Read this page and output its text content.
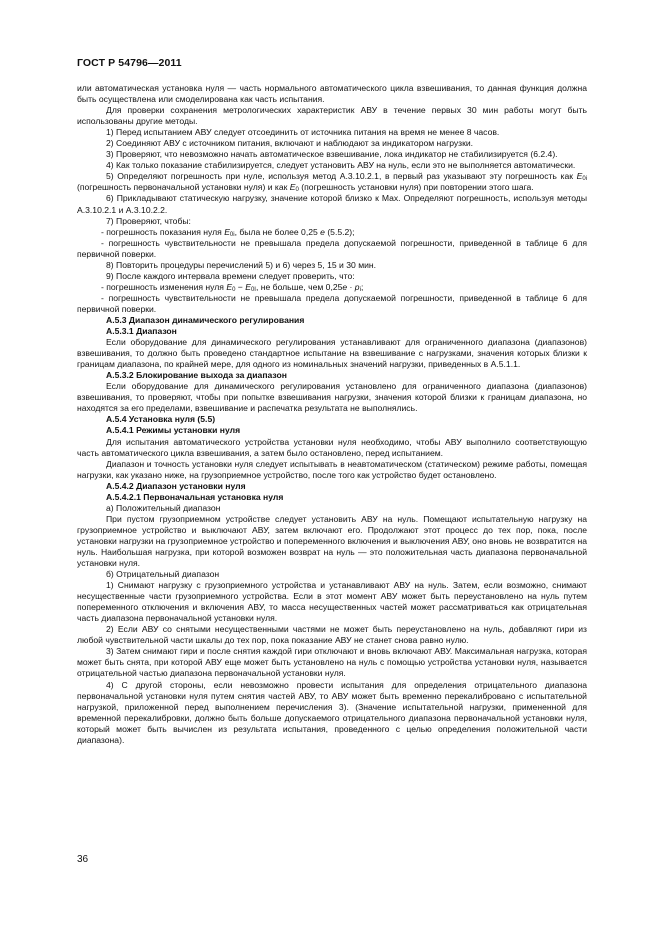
ГОСТ Р 54796—2011

или автоматическая установка нуля — часть нормального автоматического цикла взвешивания, то данная функция должна быть осуществлена или смоделирована как часть испытания.

Для проверки сохранения метрологических характеристик АВУ в течение первых 30 мин работы могут быть использованы другие методы.

1) Перед испытанием АВУ следует отсоединить от источника питания на время не менее 8 часов.

2) Соединяют АВУ с источником питания, включают и наблюдают за индикатором нагрузки.

3) Проверяют, что невозможно начать автоматическое взвешивание, лока индикатор не стабилизируется (6.2.4).

4) Как только показание стабилизируется, следует установить АВУ на нуль, если это не выполняется автоматически.

5) Определяют погрешность при нуле, используя метод А.3.10.2.1, в первый раз указывают эту погрешность как $E_{0i}$ (погрешность первоначальной установки нуля) и как $E_0$ (погрешность установки нуля) при повторении этого шага.

6) Прикладывают статическую нагрузку, значение которой близко к Max. Определяют погрешность, используя методы А.3.10.2.1 и А.3.10.2.2.

7) Проверяют, чтобы:

- погрешность показания нуля $E_{0i}$, была не более 0,25 e (5.5.2);

- погрешность чувствительности не превышала предела допускаемой погрешности, приведенной в таблице 6 для первичной поверки.

8) Повторить процедуры перечислений 5) и 6) через 5, 15 и 30 мин.

9) После каждого интервала времени следует проверить, что:

- погрешность изменения нуля $E_0 - E_{0I}$, не больше, чем $0,25e \cdot p_i$;

- погрешность чувствительности не превышала предела допускаемой погрешности, приведенной в таблице 6 для первичной поверки.

А.5.3 Диапазон динамического регулирования

А.5.3.1 Диапазон

Если оборудование для динамического регулирования устанавливают для ограниченного диапазона (диапазонов) взвешивания, то должно быть проведено стандартное испытание на взвешивание с нагрузками, значения которых близки к границам диапазона, по крайней мере, для одного из номинальных значений нагрузки, приведенных в А.5.1.1.

А.5.3.2 Блокирование выхода за диапазон

Если оборудование для динамического регулирования установлено для ограниченного диапазона (диапазонов) взвешивания, то проверяют, чтобы при попытке взвешивания нагрузки, значения которой близки к границам диапазона, но находятся за его пределами, взвешивание и распечатка результата не выполнялись.

А.5.4 Установка нуля (5.5)

А.5.4.1 Режимы установки нуля

Для испытания автоматического устройства установки нуля необходимо, чтобы АВУ выполнило соответствующую часть автоматического цикла взвешивания, а затем было остановлено, перед испытанием.

Диапазон и точность установки нуля следует испытывать в неавтоматическом (статическом) режиме работы, помещая нагрузки, как указано ниже, на грузоприемное устройство, после того как устройство будет остановлено.

А.5.4.2 Диапазон установки нуля

А.5.4.2.1 Первоначальная установка нуля

а) Положительный диапазон

При пустом грузоприемном устройстве следует установить АВУ на нуль. Помещают испытательную нагрузку на грузоприемное устройство и выключают АВУ, затем включают его. Продолжают этот процесс до тех пор, пока, после установки нагрузки на грузоприемное устройство и попеременного включения и выключения АВУ, оно вновь не возвратится на нуль. Наибольшая нагрузка, при которой возможен возврат на нуль — это положительная часть диапазона первоначальной установки нуля.

б) Отрицательный диапазон

1) Снимают нагрузку с грузоприемного устройства и устанавливают АВУ на нуль. Затем, если возможно, снимают несущественные части грузоприемного устройства. Если в этот момент АВУ может быть переустановлено на нуль путем попеременного отключения и включения АВУ, то масса несущественных частей может рассматриваться как отрицательная часть диапазона первоначальной установки нуля.

2) Если АВУ со снятыми несущественными частями не может быть переустановлено на нуль, добавляют гири из любой чувствительной части шкалы до тех пор, пока показание АВУ не станет снова равно нулю.

3) Затем снимают гири и после снятия каждой гири отключают и вновь включают АВУ. Максимальная нагрузка, которая может быть снята, при которой АВУ еще может быть установлено на нуль с помощью устройства установки нуля, называется отрицательной частью диапазона первоначальной установки нуля.

4) С другой стороны, если невозможно провести испытания для определения отрицательного диапазона первоначальной установки нуля путем снятия частей АВУ, то АВУ может быть временно перекалибровано с испытательной нагрузкой, приложенной перед выполнением перечисления 3). (Значение испытательной нагрузки, примененной для временной перекалибровки, должно быть больше допускаемого отрицательного диапазона первоначальной установки нуля, который может быть вычислен из результата испытания, проведенного с целью определения положительной части диапазона).

36
